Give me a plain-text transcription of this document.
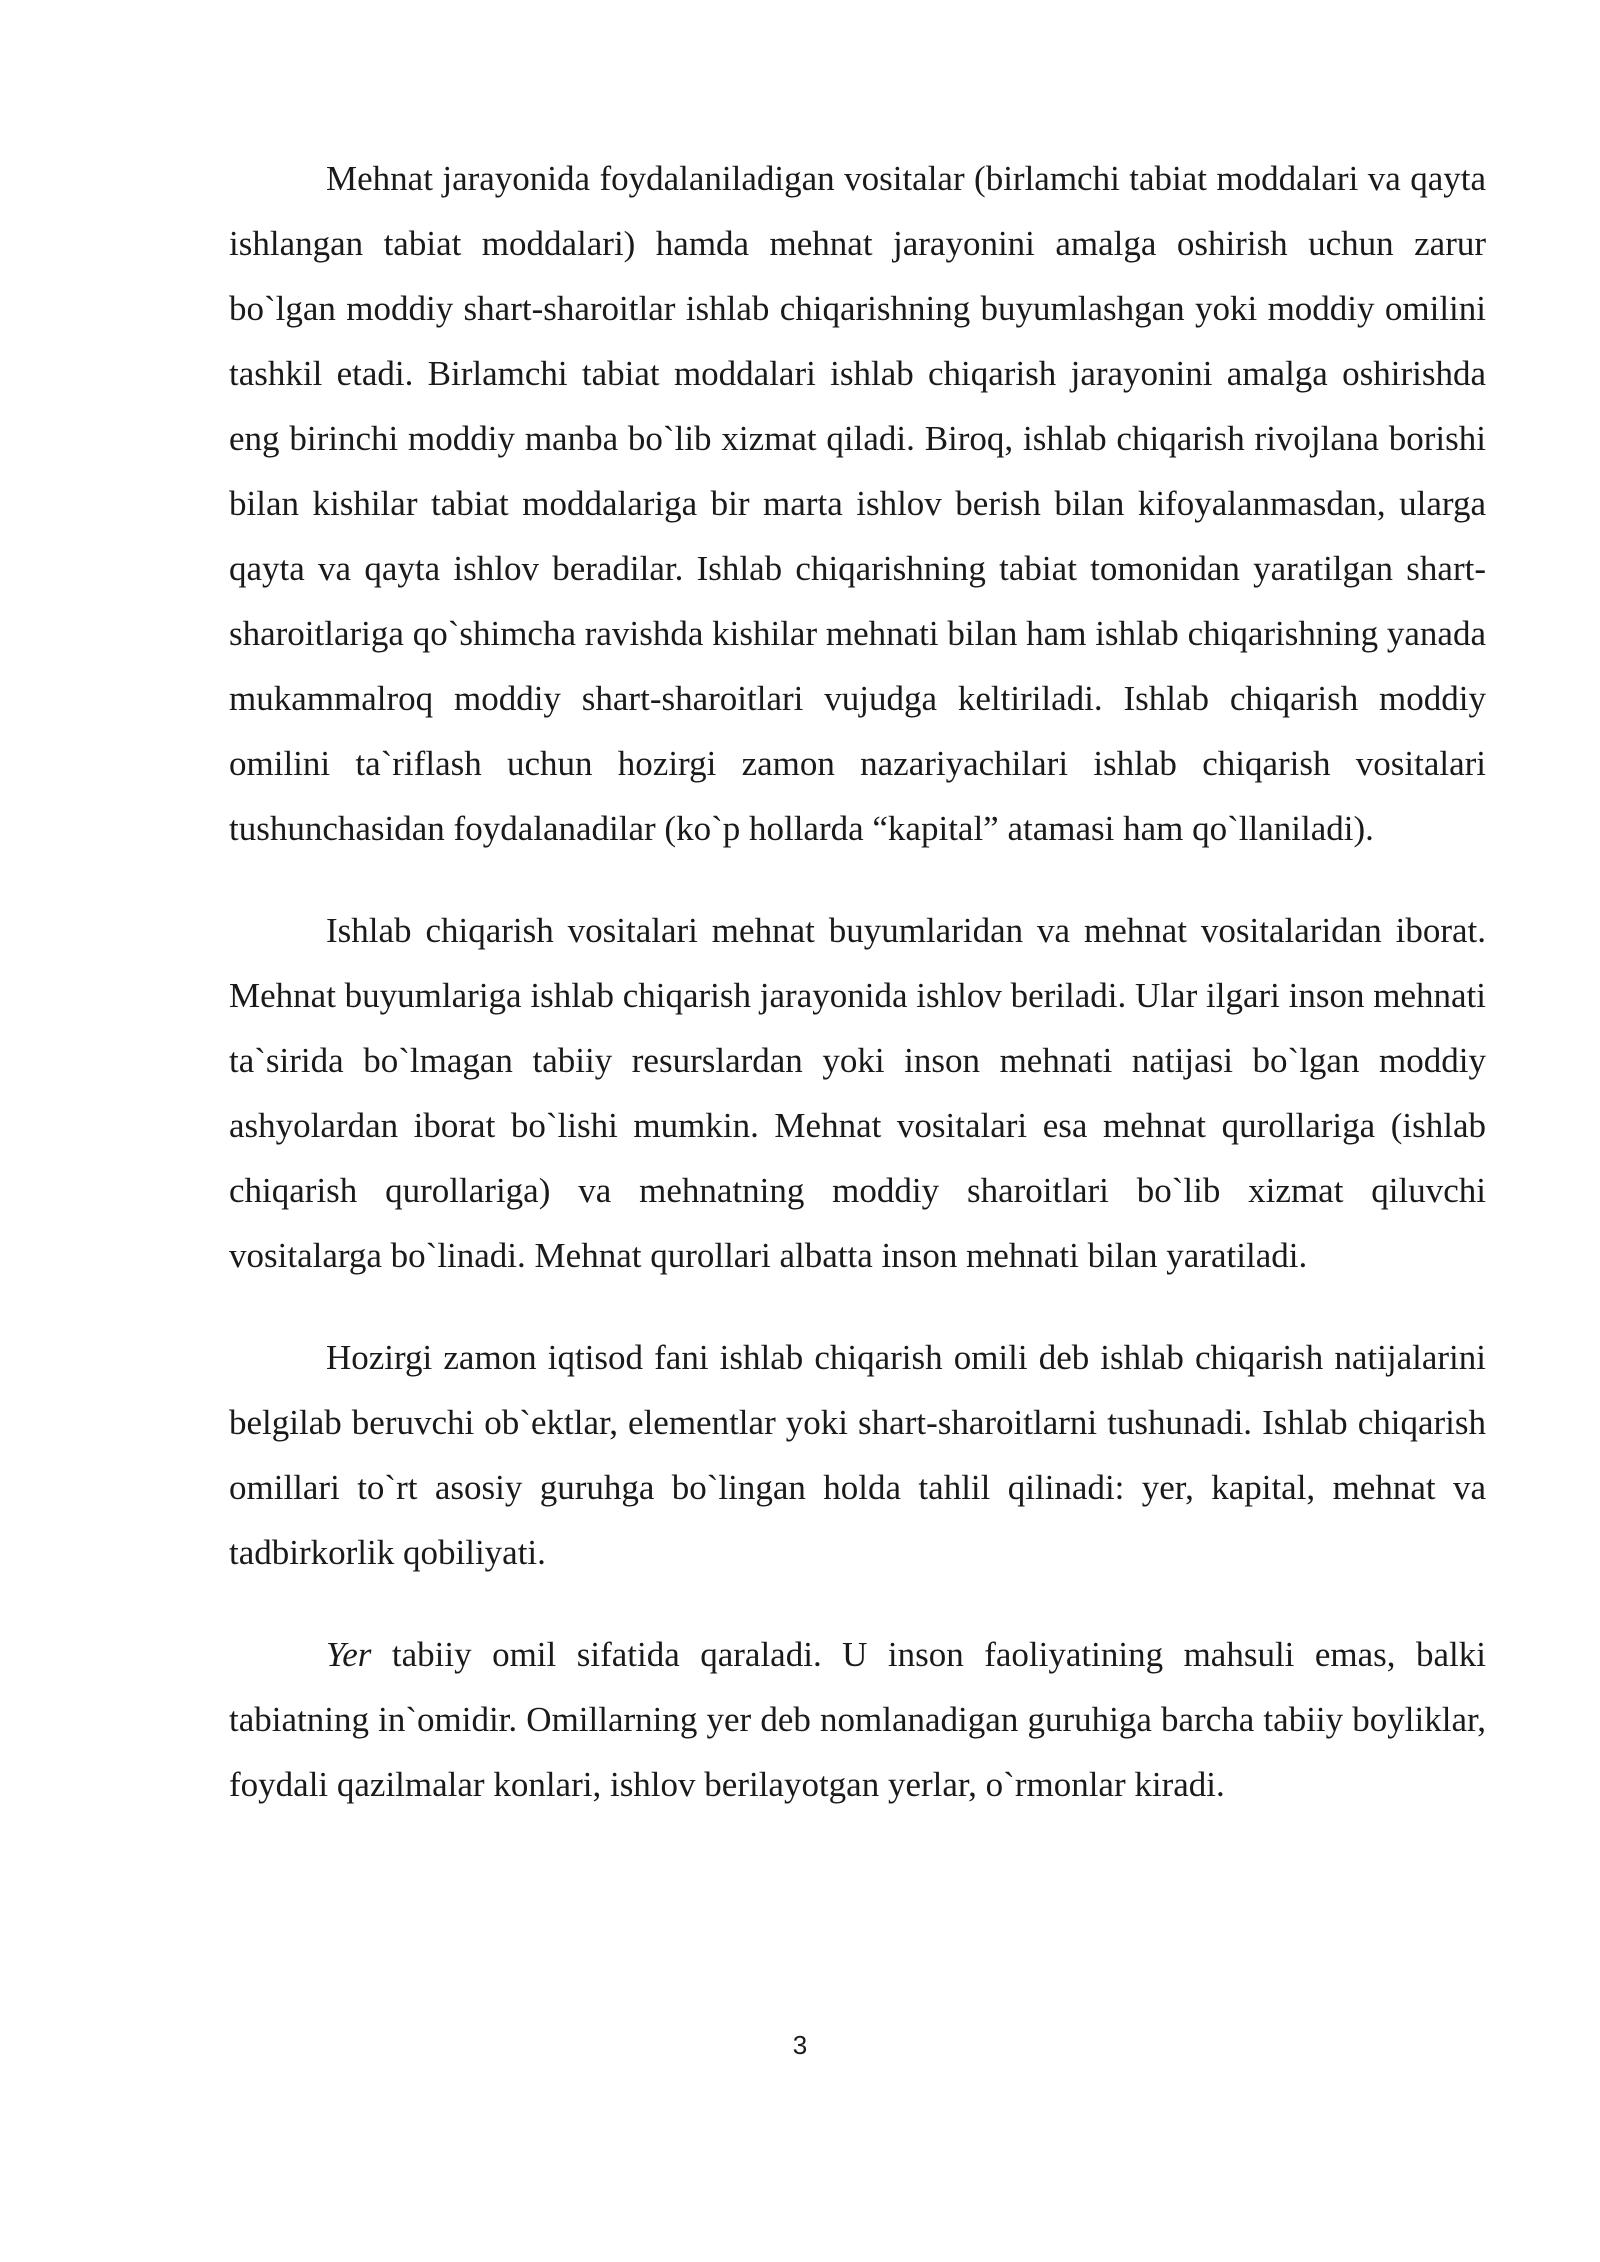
Mehnat jarayonida foydalaniladigan vositalar (birlamchi tabiat moddalari va qayta ishlangan tabiat moddalari) hamda mehnat jarayonini amalga oshirish uchun zarur bo`lgan moddiy shart-sharoitlar ishlab chiqarishning buyumlashgan yoki moddiy omilini tashkil etadi. Birlamchi tabiat moddalari ishlab chiqarish jarayonini amalga oshirishda eng birinchi moddiy manba bo`lib xizmat qiladi. Biroq, ishlab chiqarish rivojlana borishi bilan kishilar tabiat moddalariga bir marta ishlov berish bilan kifoyalanmasdan, ularga qayta va qayta ishlov beradilar. Ishlab chiqarishning tabiat tomonidan yaratilgan shart-sharoitlariga qo`shimcha ravishda kishilar mehnati bilan ham ishlab chiqarishning yanada mukammalroq moddiy shart-sharoitlari vujudga keltiriladi. Ishlab chiqarish moddiy omilini ta`riflash uchun hozirgi zamon nazariyachilari ishlab chiqarish vositalari tushunchasidan foydalanadilar (ko`p hollarda “kapital” atamasi ham qo`llaniladi).

Ishlab chiqarish vositalari mehnat buyumlaridan va mehnat vositalaridan iborat. Mehnat buyumlariga ishlab chiqarish jarayonida ishlov beriladi. Ular ilgari inson mehnati ta`sirida bo`lmagan tabiiy resurslardan yoki inson mehnati natijasi bo`lgan moddiy ashyolardan iborat bo`lishi mumkin. Mehnat vositalari esa mehnat qurollariga (ishlab chiqarish qurollariga) va mehnatning moddiy sharoitlari bo`lib xizmat qiluvchi vositalarga bo`linadi. Mehnat qurollari albatta inson mehnati bilan yaratiladi.

Hozirgi zamon iqtisod fani ishlab chiqarish omili deb ishlab chiqarish natijalarini belgilab beruvchi ob`ektlar, elementlar yoki shart-sharoitlarni tushunadi. Ishlab chiqarish omillari to`rt asosiy guruhga bo`lingan holda tahlil qilinadi: yer, kapital, mehnat va tadbirkorlik qobiliyati.

Yer tabiiy omil sifatida qaraladi. U inson faoliyatining mahsuli emas, balki tabiatning in`omidir. Omillarning yer deb nomlanadigan guruhiga barcha tabiiy boyliklar, foydali qazilmalar konlari, ishlov berilayotgan yerlar, o`rmonlar kiradi.

3
